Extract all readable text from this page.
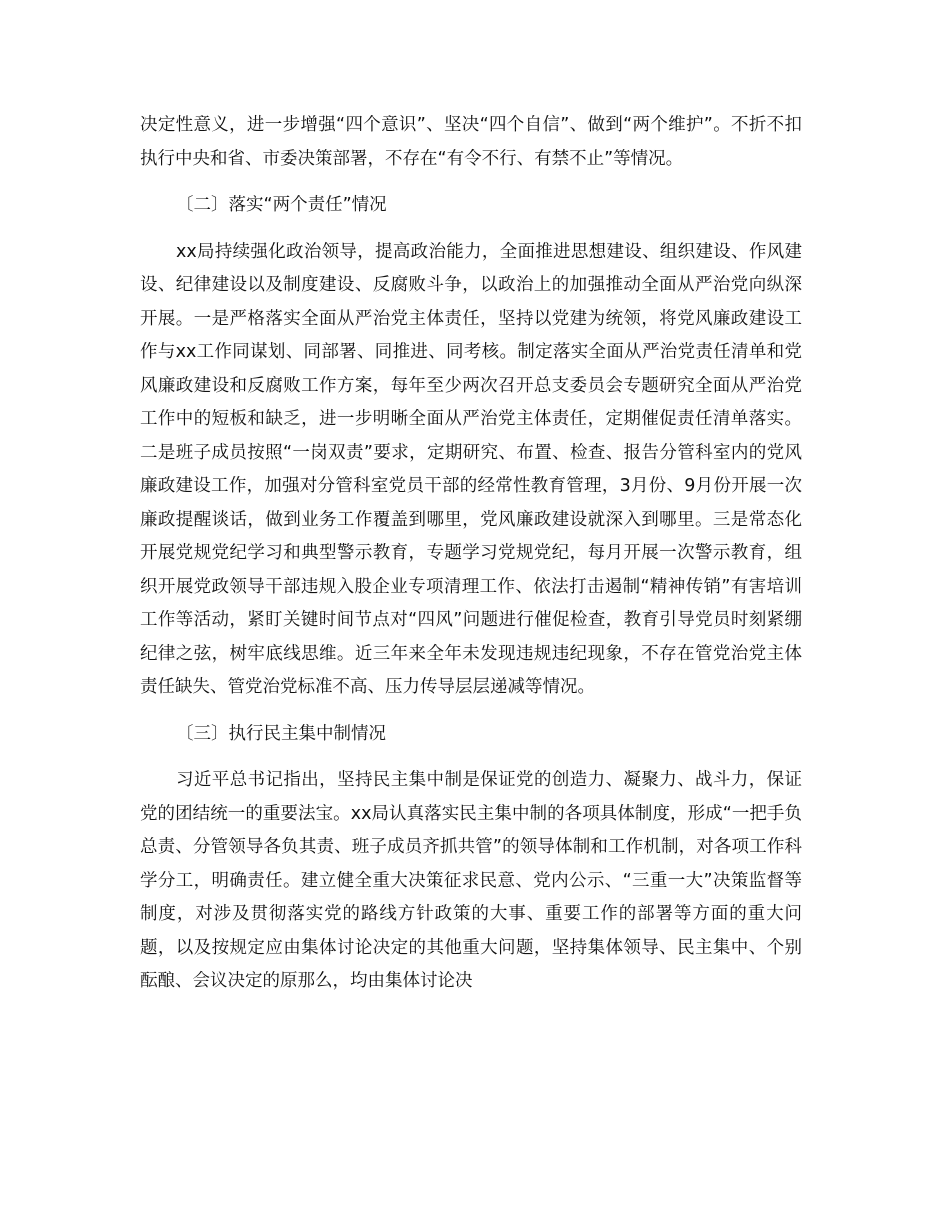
决定性意义，进一步增强“四个意识”、坚决“四个自信”、做到“两个维护”。不折不扣执行中央和省、市委决策部署，不存在“有令不行、有禁不止”等情况。

〔二〕落实“两个责任”情况

xx局持续强化政治领导，提高政治能力，全面推进思想建设、组织建设、作风建设、纪律建设以及制度建设、反腐败斗争，以政治上的加强推动全面从严治党向纵深开展。一是严格落实全面从严治党主体责任，坚持以党建为统领，将党风廉政建设工作与xx工作同谋划、同部署、同推进、同考核。制定落实全面从严治党责任清单和党风廉政建设和反腐败工作方案，每年至少两次召开总支委员会专题研究全面从严治党工作中的短板和缺乏，进一步明晰全面从严治党主体责任，定期催促责任清单落实。二是班子成员按照“一岗双责”要求，定期研究、布置、检查、报告分管科室内的党风廉政建设工作，加强对分管科室党员干部的经常性教育管理，3月份、9月份开展一次廉政提醒谈话，做到业务工作覆盖到哪里，党风廉政建设就深入到哪里。三是常态化开展党规党纪学习和典型警示教育，专题学习党规党纪，每月开展一次警示教育，组织开展党政领导干部违规入股企业专项清理工作、依法打击遏制“精神传销”有害培训工作等活动，紧盯关键时间节点对“四风”问题进行催促检查，教育引导党员时刻紧绷纪律之弦，树牢底线思维。近三年来全年未发现违规违纪现象，不存在管党治党主体责任缺失、管党治党标准不高、压力传导层层递减等情况。

〔三〕执行民主集中制情况

习近平总书记指出，坚持民主集中制是保证党的创造力、凝聚力、战斗力，保证党的团结统一的重要法宝。xx局认真落实民主集中制的各项具体制度，形成“一把手负总责、分管领导各负其责、班子成员齐抓共管”的领导体制和工作机制，对各项工作科学分工，明确责任。建立健全重大决策征求民意、党内公示、“三重一大”决策监督等制度，对涉及贯彻落实党的路线方针政策的大事、重要工作的部署等方面的重大问题，以及按规定应由集体讨论决定的其他重大问题，坚持集体领导、民主集中、个别酝酿、会议决定的原那么，均由集体讨论决
